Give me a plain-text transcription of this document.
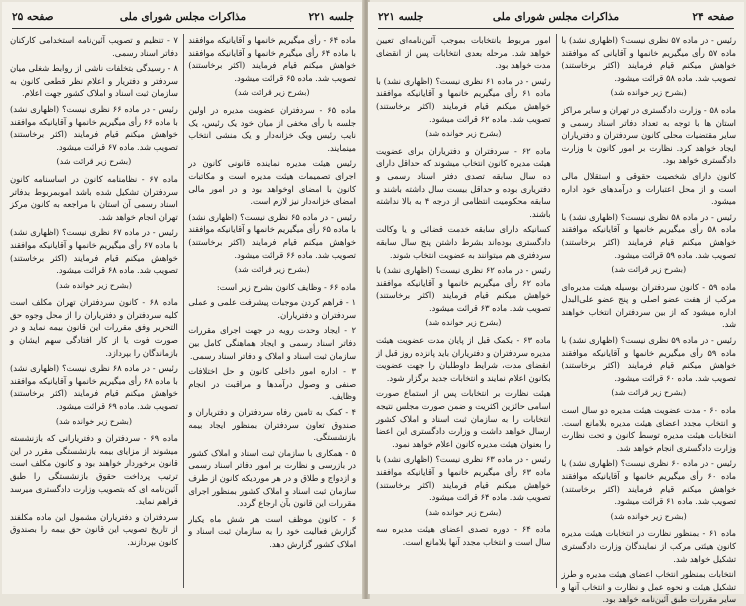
جلسه ۲۲۱
مذاکرات مجلس شورای ملی
صفحه ۲۵

ماده ۶۴ - رأی میگیریم خانمها و آقایانیکه موافقند با ماده ۶۴ رأی میگیرم خانمها و آقایانیکه موافقند خواهش میکنم قیام فرمایند (اکثر برخاستند) تصویب شد. ماده ۶۵ قرائت میشود.

(بشرح زیر قرائت شد)

ماده ۶۵ - سردفتران عضویت مدیره در اولین جلسه با رأی مخفی از میان خود یک رئیس، یک نایب رئیس ویک خزانه‌دار و یک منشی انتخاب مینمایند.

رئیس هیئت مدیره نماینده قانونی کانون در اجرای تصمیمات هیئت مدیره است و مکاتبات کانون با امضای اوخواهد بود و در امور مالی امضای خزانه‌دار نیز لازم است.

رئیس - در ماده ۶۵ نظری نیست؟ (اظهاری نشد) با ماده ۶۵ رأی میگیریم خانمها و آقایانیکه موافقند خواهش میکنم قیام فرمایند (اکثر برخاستند) تصویب شد. ماده ۶۶ قرائت میشود.

(بشرح زیر قرائت شد)

ماده ۶۶ - وظایف کانون بشرح زیر است:

۱ - فراهم کردن موجبات پیشرفت علمی و عملی سردفتران و دفتریاران.

۲ - ایجاد وحدت رویه در جهت اجرای مقررات دفاتر اسناد رسمی و ایجاد هماهنگی کامل بین سازمان ثبت اسناد و املاک و دفاتر اسناد رسمی.

۳ - اداره امور داخلی کانون و حل اختلافات صنفی و وصول درآمدها و مراقبت در انجام وظایف.

۴ - کمک به تامین رفاه سردفتران و دفتریاران و صندوق تعاون سردفتران بمنظور ایجاد بیمه بازنشستگی.

۵ - همکاری با سازمان ثبت اسناد و املاک کشور در بازرسی و نظارت بر امور دفاتر اسناد رسمی و ازدواج و طلاق و در هر موردیکه کانون از طرف سازمان ثبت اسناد و املاک کشور بمنظور اجرای مقررات این قانون بآن ارجاع گردد.

۶ - کانون موظف است هر شش ماه یکبار گزارش فعالیت خود را به سازمان ثبت اسناد و املاک کشور گزارش دهد.

۷ - تنظیم و تصویب آئین‌نامه استخدامی کارکنان دفاتر اسناد رسمی.

۸ - رسیدگی بتخلفات ناشی از روابط شغلی میان سردفتر و دفتریار و اعلام نظر قطعی کانون به سازمان ثبت اسناد و املاک کشور جهت اعلام.

رئیس - در ماده ۶۶ نظری نیست؟ (اظهاری نشد) با ماده ۶۶ رأی میگیریم خانمها و آقایانیکه موافقند خواهش میکنم قیام فرمایند (اکثر برخاستند) تصویب شد. ماده ۶۷ قرائت میشود.

(بشرح زیر قرائت شد)

ماده ۶۷ - نظامنامه کانون در اساسنامه کانون سردفتران تشکیل شده باشد اموبمربوط بدفاتر اسناد رسمی آن استان با مراجعه به کانون مرکز تهران انجام خواهد شد.

رئیس - در ماده ۶۷ نظری نیست؟ (اظهاری نشد) با ماده ۶۷ رأی میگیریم خانمها و آقایانیکه موافقند خواهش میکنم قیام فرمایند (اکثر برخاستند) تصویب شد. ماده ۶۸ قرائت میشود.

(بشرح زیر خوانده شد)

ماده ۶۸ - کانون سردفتران تهران مکلف است کلیه سردفتران و دفتریاران را از محل وجوه حق التحریر وفق مقررات این قانون بیمه نماید و در صورت فوت یا از کار افتادگی سهم ایشان و بازماندگان را بپردازد.

رئیس - در ماده ۶۸ نظری نیست؟ (اظهاری نشد) با ماده ۶۸ رأی میگیریم خانمها و آقایانیکه موافقند خواهش میکنم قیام فرمایند (اکثر برخاستند) تصویب شد. ماده ۶۹ قرائت میشود.

(بشرح زیر خوانده شد)

ماده ۶۹ - سردفتران و دفتریارانی که بازنشسته میشوند از مزایای بیمه بازنشستگی مقرر در این قانون برخوردار خواهند بود و کانون مکلف است ترتیب پرداخت حقوق بازنشستگی را طبق آئین‌نامه ای که بتصویب وزارت دادگستری میرسد فراهم نماید.

سردفتران و دفتریاران مشمول این ماده مکلفند از تاریخ تصویب این قانون حق بیمه را بصندوق کانون بپردازند.

صفحه ۲۴
مذاکرات مجلس شورای ملی
جلسه ۲۲۱

رئیس - در ماده ۵۷ نظری نیست؟ (اظهاری نشد) با ماده ۵۷ رأی میگیریم خانمها و آقایانی که موافقند خواهش میکنم قیام فرمایند (اکثر برخاستند) تصویب شد. ماده ۵۸ قرائت میشود.

(بشرح زیر خوانده شد)

ماده ۵۸ - وزارت دادگستری در تهران و سایر مراکز استان ها با توجه به تعداد دفاتر اسناد رسمی و سایر مقتضیات محلی کانون سردفتران و دفتریاران ایجاد خواهد کرد. نظارت بر امور کانون با وزارت دادگستری خواهد بود.

کانون دارای شخصیت حقوقی و استقلال مالی است و از محل اعتبارات و درآمدهای خود اداره میشود.

رئیس - در ماده ۵۸ نظری نیست؟ (اظهاری نشد) با ماده ۵۸ رأی میگیریم خانمها و آقایانیکه موافقند خواهش میکنم قیام فرمایند (اکثر برخاستند) تصویب شد. ماده ۵۹ قرائت میشود.

(بشرح زیر قرائت شد)

ماده ۵۹ - کانون سردفتران بوسیله هیئت مدیره‌ای مرکب از هفت عضو اصلی و پنج عضو علی‌البدل اداره میشود که از بین سردفتران انتخاب خواهند شد.

رئیس - در ماده ۵۹ نظری نیست؟ (اظهاری نشد) با ماده ۵۹ رأی میگیریم خانمها و آقایانیکه موافقند خواهش میکنم قیام فرمایند (اکثر برخاستند) تصویب شد. ماده ۶۰ قرائت میشود.

(بشرح زیر قرائت شد)

ماده ۶۰ - مدت عضویت هیئت مدیره دو سال است و انتخاب مجدد اعضای هیئت مدیره بلامانع است. انتخابات هیئت مدیره توسط کانون و تحت نظارت وزارت دادگستری انجام خواهد شد.

رئیس - در ماده ۶۰ نظری نیست؟ (اظهاری نشد) با ماده ۶۰ رأی میگیریم خانمها و آقایانیکه موافقند خواهش میکنم قیام فرمایند (اکثر برخاستند) تصویب شد. ماده ۶۱ قرائت میشود.

(بشرح زیر خوانده شد)

ماده ۶۱ - بمنظور نظارت در انتخابات هیئت مدیره کانون هیئتی مرکب از نمایندگان وزارت دادگستری تشکیل خواهد شد.

انتخابات بمنظور انتخاب اعضای هیئت مدیره و طرز تشکیل هیئت و نحوه عمل و نظارت و انتخاب آنها و سایر مقررات طبق آئین‌نامه خواهد بود.

امور مربوط بانتخابات بموجب آئین‌نامه‌ای تعیین خواهد شد. مرحله بعدی انتخابات پس از انقضای مدت خواهد بود.

رئیس - در ماده ۶۱ نظری نیست؟ (اظهاری نشد) با ماده ۶۱ رأی میگیریم خانمها و آقایانیکه موافقند خواهش میکنم قیام فرمایند (اکثر برخاستند) تصویب شد. ماده ۶۲ قرائت میشود.

(بشرح زیر خوانده شد)

ماده ۶۲ - سردفتران و دفتریاران برای عضویت هیئت مدیره کانون انتخاب میشوند که حداقل دارای ده سال سابقه تصدی دفتر اسناد رسمی و دفتریاری بوده و حداقل بیست سال داشته باشند و سابقه محکومیت انتظامی از درجه ۴ به بالا نداشته باشند.

کسانیکه دارای سابقه خدمت قضائی و یا وکالت دادگستری بوده‌اند بشرط داشتن پنج سال سابقه سردفتری هم میتوانند به عضویت انتخاب شوند.

رئیس - در ماده ۶۲ نظری نیست؟ (اظهاری نشد) با ماده ۶۲ رأی میگیریم خانمها و آقایانیکه موافقند خواهش میکنم قیام فرمایند (اکثر برخاستند) تصویب شد. ماده ۶۳ قرائت میشود.

(بشرح زیر خوانده شد)

ماده ۶۳ - بکمک قبل از پایان مدت عضویت هیئت مدیره سردفتران و دفتریاران باید پانزده روز قبل از انقضای مدت، شرایط داوطلبان را جهت عضویت بکانون اعلام نمایند و انتخابات جدید برگزار شود.

هیئت نظارت بر انتخابات پس از استماع صورت اسامی حائزین اکثریت و ضمن صورت مجلس نتیجه انتخابات را به سازمان ثبت اسناد و املاک کشور ارسال خواهد داشت و وزارت دادگستری این اعضا را بعنوان هیئت مدیره کانون اعلام خواهد نمود.

رئیس - در ماده ۶۳ نظری نیست؟ (اظهاری نشد) با ماده ۶۳ رأی میگیریم خانمها و آقایانیکه موافقند خواهش میکنم قیام فرمایند (اکثر برخاستند) تصویب شد. ماده ۶۴ قرائت میشود.

(بشرح زیر خوانده شد)

ماده ۶۴ - دوره تصدی اعضای هیئت مدیره سه سال است و انتخاب مجدد آنها بلامانع است.
